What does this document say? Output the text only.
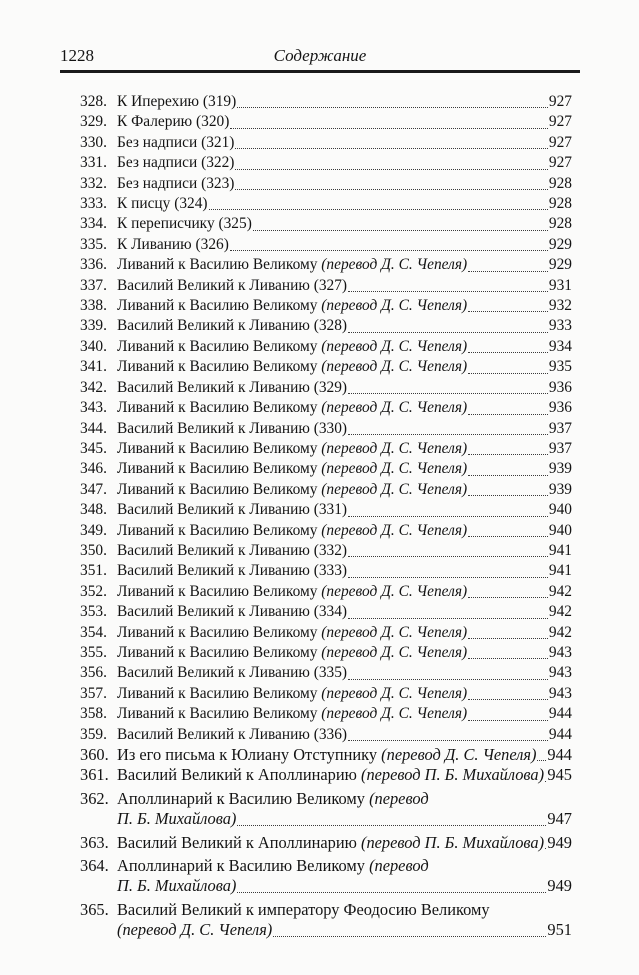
1228	Содержание
328. К Иперехию (319)	927
329. К Фалерию (320)	927
330. Без надписи (321)	927
331. Без надписи (322)	927
332. Без надписи (323)	928
333. К писцу (324)	928
334. К переписчику (325)	928
335. К Ливанию (326)	929
336. Ливаний к Василию Великому (перевод Д. С. Чепеля)	929
337. Василий Великий к Ливанию (327)	931
338. Ливаний к Василию Великому (перевод Д. С. Чепеля)	932
339. Василий Великий к Ливанию (328)	933
340. Ливаний к Василию Великому (перевод Д. С. Чепеля)	934
341. Ливаний к Василию Великому (перевод Д. С. Чепеля)	935
342. Василий Великий к Ливанию (329)	936
343. Ливаний к Василию Великому (перевод Д. С. Чепеля)	936
344. Василий Великий к Ливанию (330)	937
345. Ливаний к Василию Великому (перевод Д. С. Чепеля)	937
346. Ливаний к Василию Великому (перевод Д. С. Чепеля)	939
347. Ливаний к Василию Великому (перевод Д. С. Чепеля)	939
348. Василий Великий к Ливанию (331)	940
349. Ливаний к Василию Великому (перевод Д. С. Чепеля)	940
350. Василий Великий к Ливанию (332)	941
351. Василий Великий к Ливанию (333)	941
352. Ливаний к Василию Великому (перевод Д. С. Чепеля)	942
353. Василий Великий к Ливанию (334)	942
354. Ливаний к Василию Великому (перевод Д. С. Чепеля)	942
355. Ливаний к Василию Великому (перевод Д. С. Чепеля)	943
356. Василий Великий к Ливанию (335)	943
357. Ливаний к Василию Великому (перевод Д. С. Чепеля)	943
358. Ливаний к Василию Великому (перевод Д. С. Чепеля)	944
359. Василий Великий к Ливанию (336)	944
360. Из его письма к Юлиану Отступнику (перевод Д. С. Чепеля) 944
361. Василий Великий к Аполлинарию (перевод П. Б. Михайлова) 945
362. Аполлинарий к Василию Великому (перевод
П. Б. Михайлова)	947
363. Василий Великий к Аполлинарию (перевод П. Б. Михайлова) 949
364. Аполлинарий к Василию Великому (перевод
П. Б. Михайлова)	949
365. Василий Великий к императору Феодосию Великому
(перевод Д. С. Чепеля)	951
